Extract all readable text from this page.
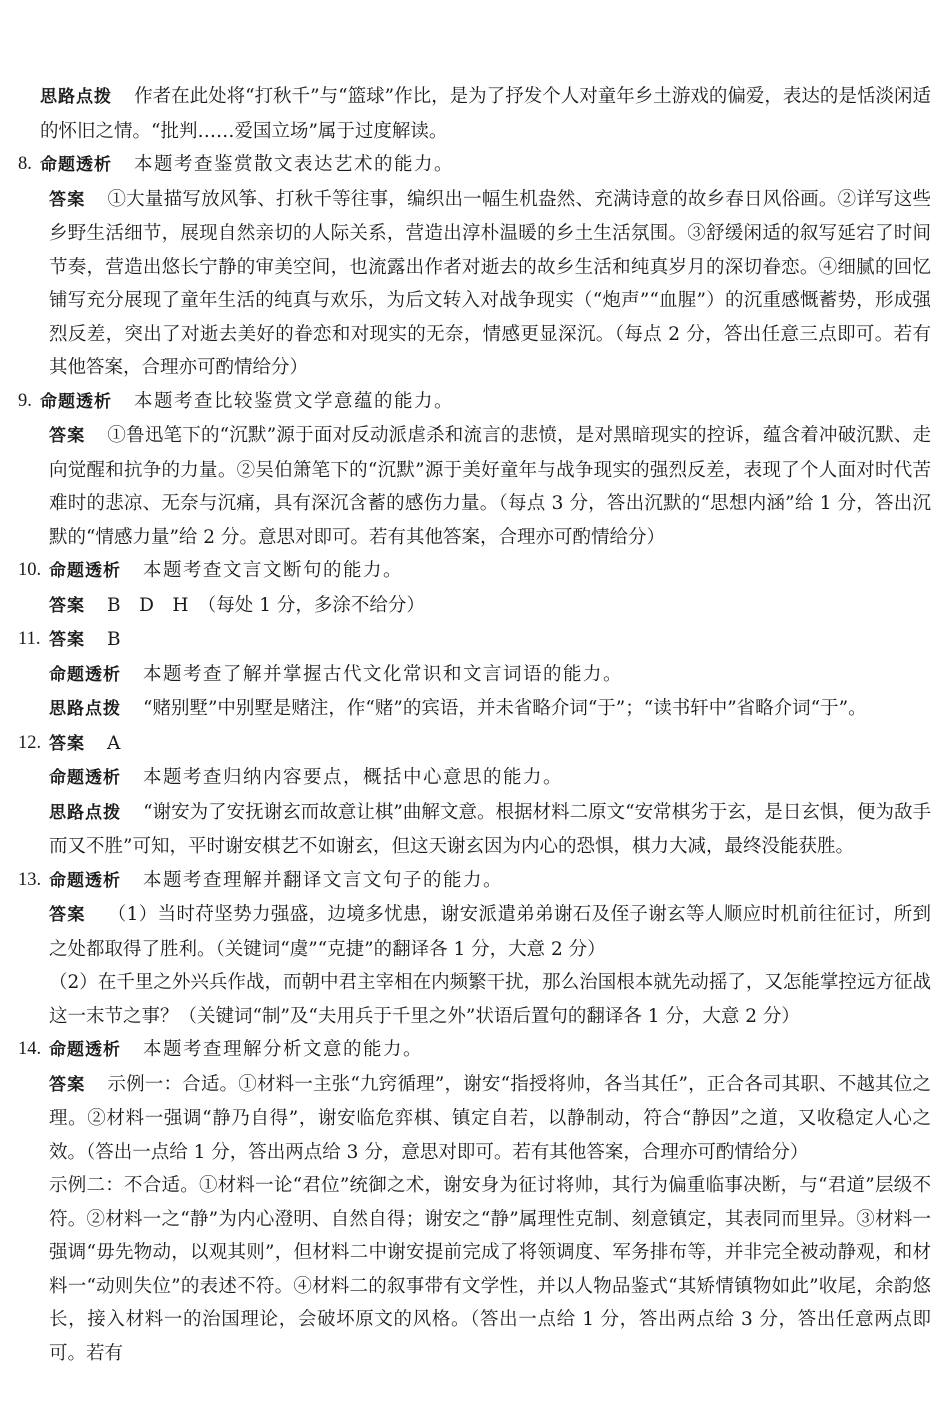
思路点拨 作者在此处将“打秋千”与“篮球”作比，是为了抒发个人对童年乡土游戏的偏爱，表达的是恬淡闲适的怀旧之情。“批判……爱国立场”属于过度解读。
8. 命题透析 本题考查鉴赏散文表达艺术的能力。
答案 ①大量描写放风筝、打秋千等往事，编织出一幅生机盎然、充满诗意的故乡春日风俗画。②详写这些乡野生活细节，展现自然亲切的人际关系，营造出淳朴温暖的乡土生活氛围。③舒缓闲适的叙写延宕了时间节奏，营造出悠长宁静的审美空间，也流露出作者对逝去的故乡生活和纯真岁月的深切眷恋。④细腻的回忆铺写充分展现了童年生活的纯真与欢乐，为后文转入对战争现实（“炮声”“血腥”）的沉重感慨蓄势，形成强烈反差，突出了对逝去美好的眷恋和对现实的无奈，情感更显深沉。（每点 2 分，答出任意三点即可。若有其他答案，合理亦可酌情给分）
9. 命题透析 本题考查比较鉴赏文学意蕴的能力。
答案 ①鲁迅笔下的“沉默”源于面对反动派虐杀和流言的悲愤，是对黑暗现实的控诉，蕴含着冲破沉默、走向觉醒和抗争的力量。②吴伯箫笔下的“沉默”源于美好童年与战争现实的强烈反差，表现了个人面对时代苦难时的悲凉、无奈与沉痛，具有深沉含蓄的感伤力量。（每点 3 分，答出沉默的“思想内涵”给 1 分，答出沉默的“情感力量”给 2 分。意思对即可。若有其他答案，合理亦可酌情给分）
10. 命题透析 本题考查文言文断句的能力。
答案 B　D　H　（每处 1 分，多涂不给分）
11. 答案 B
命题透析 本题考查了解并掌握古代文化常识和文言词语的能力。
思路点拨 “赌别墅”中别墅是赌注，作“赌”的宾语，并未省略介词“于”；“读书轩中”省略介词“于”。
12. 答案 A
命题透析 本题考查归纳内容要点，概括中心意思的能力。
思路点拨 “谢安为了安抚谢玄而故意让棋”曲解文意。根据材料二原文“安常棋劣于玄，是日玄惧，便为敌手而又不胜”可知，平时谢安棋艺不如谢玄，但这天谢玄因为内心的恐惧，棋力大减，最终没能获胜。
13. 命题透析 本题考查理解并翻译文言文句子的能力。
答案 （1）当时苻坚势力强盛，边境多忧患，谢安派遣弟弟谢石及侄子谢玄等人顺应时机前往征讨，所到之处都取得了胜利。（关键词“虞”“克捷”的翻译各 1 分，大意 2 分）
（2）在千里之外兴兵作战，而朝中君主宰相在内频繁干扰，那么治国根本就先动摇了，又怎能掌控远方征战这一末节之事？（关键词“制”及“夫用兵于千里之外”状语后置句的翻译各 1 分，大意 2 分）
14. 命题透析 本题考查理解分析文意的能力。
答案 示例一：合适。①材料一主张“九窍循理”，谢安“指授将帅，各当其任”，正合各司其职、不越其位之理。②材料一强调“静乃自得”，谢安临危弈棋、镇定自若，以静制动，符合“静因”之道，又收稳定人心之效。（答出一点给 1 分，答出两点给 3 分，意思对即可。若有其他答案，合理亦可酌情给分）
示例二：不合适。①材料一论“君位”统御之术，谢安身为征讨将帅，其行为偏重临事决断，与“君道”层级不符。②材料一之“静”为内心澄明、自然自得；谢安之“静”属理性克制、刻意镇定，其表同而里异。③材料一强调“毋先物动，以观其则”，但材料二中谢安提前完成了将领调度、军务排布等，并非完全被动静观，和材料一“动则失位”的表述不符。④材料二的叙事带有文学性，并以人物品鉴式“其矫情镇物如此”收尾，余韵悠长，接入材料一的治国理论，会破坏原文的风格。（答出一点给 1 分，答出两点给 3 分，答出任意两点即可。若有
